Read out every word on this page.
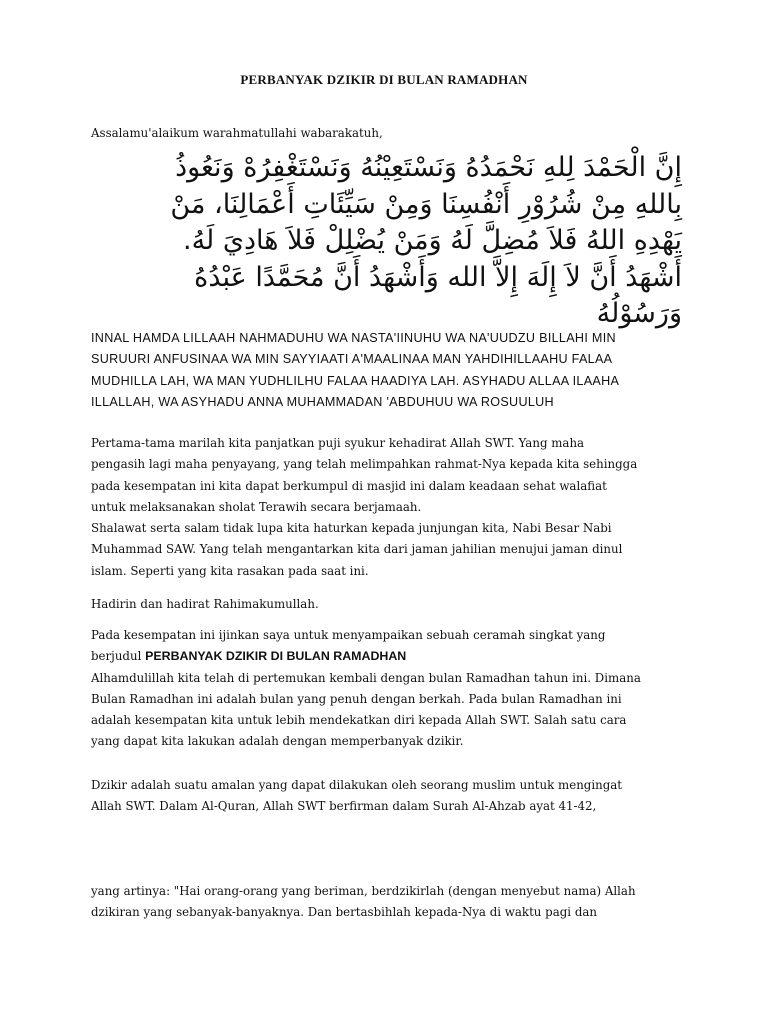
PERBANYAK DZIKIR DI BULAN RAMADHAN

Assalamu'alaikum warahmatullahi wabarakatuh,

إِنَّ الْحَمْدَ لِلهِ نَحْمَدُهُ وَنَسْتَعِيْنُهُ وَنَسْتَغْفِرُهْ وَنَعُوذُ
بِاللهِ مِنْ شُرُوْرِ أَنْفُسِنَا وَمِنْ سَيِّئَاتِ أَعْمَالِنَا، مَنْ
يَهْدِهِ اللهُ فَلاَ مُضِلَّ لَهُ وَمَنْ يُضْلِلْ فَلاَ هَادِيَ لَهُ.
أَشْهَدُ أَنَّ لاَ إِلَهَ إِلاَّ الله وَأَشْهَدُ أَنَّ مُحَمَّدًا عَبْدُهُ
وَرَسُوْلُهُ
INNAL HAMDA LILLAAH NAHMADUHU WA NASTA'IINUHU WA NA'UUDZU BILLAHI MIN
SURUURI ANFUSINAA WA MIN SAYYIAATI A'MAALINAA MAN YAHDIHILLAAHU FALAA
MUDHILLA LAH, WA MAN YUDHLILHU FALAA HAADIYA LAH. ASYHADU ALLAA ILAAHA
ILLALLAH, WA ASYHADU ANNA MUHAMMADAN 'ABDUHUU WA ROSUULUH

Pertama-tama marilah kita panjatkan puji syukur kehadirat Allah SWT. Yang maha

pengasih lagi maha penyayang, yang telah melimpahkan rahmat-Nya kepada kita sehingga

pada kesempatan ini kita dapat berkumpul di masjid ini dalam keadaan sehat walafiat

untuk melaksanakan sholat Terawih secara berjamaah.

Shalawat serta salam tidak lupa kita haturkan kepada junjungan kita, Nabi Besar Nabi

Muhammad SAW. Yang telah mengantarkan kita dari jaman jahilian menujui jaman dinul

islam. Seperti yang kita rasakan pada saat ini.

Hadirin dan hadirat Rahimakumullah.

Pada kesempatan ini ijinkan saya untuk menyampaikan sebuah ceramah singkat yang

berjudul PERBANYAK DZIKIR DI BULAN RAMADHAN

Alhamdulillah kita telah di pertemukan kembali dengan bulan Ramadhan tahun ini. Dimana

Bulan Ramadhan ini adalah bulan yang penuh dengan berkah. Pada bulan Ramadhan ini

adalah kesempatan kita untuk lebih mendekatkan diri kepada Allah SWT. Salah satu cara

yang dapat kita lakukan adalah dengan memperbanyak dzikir.

Dzikir adalah suatu amalan yang dapat dilakukan oleh seorang muslim untuk mengingat

Allah SWT. Dalam Al-Quran, Allah SWT berfirman dalam Surah Al-Ahzab ayat 41-42,

yang artinya: "Hai orang-orang yang beriman, berdzikirlah (dengan menyebut nama) Allah

dzikiran yang sebanyak-banyaknya. Dan bertasbihlah kepada-Nya di waktu pagi dan
